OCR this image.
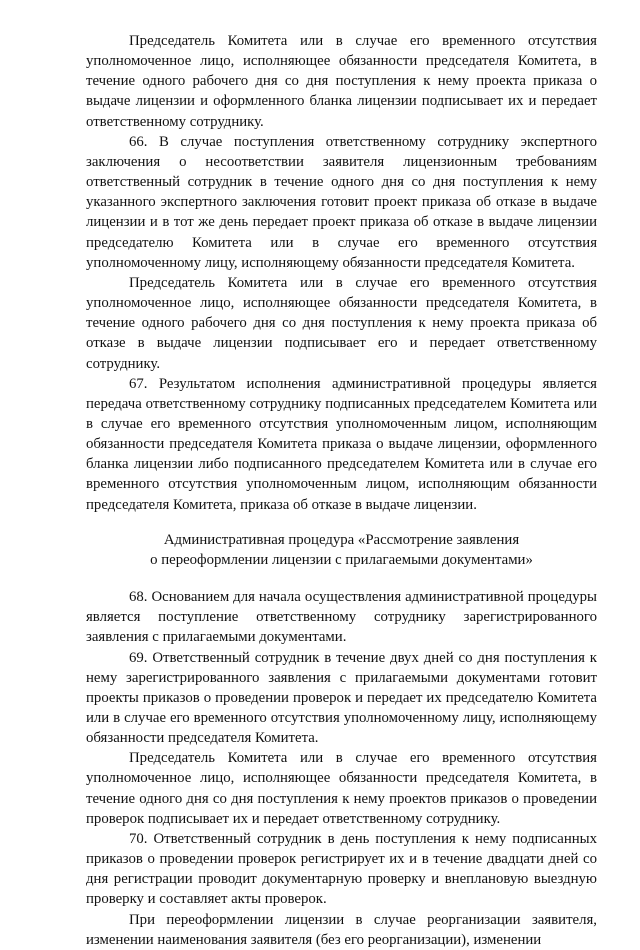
Председатель Комитета или в случае его временного отсутствия уполномоченное лицо, исполняющее обязанности председателя Комитета, в течение одного рабочего дня со дня поступления к нему проекта приказа о выдаче лицензии и оформленного бланка лицензии подписывает их и передает ответственному сотруднику.

66. В случае поступления ответственному сотруднику экспертного заключения о несоответствии заявителя лицензионным требованиям ответственный сотрудник в течение одного дня со дня поступления к нему указанного экспертного заключения готовит проект приказа об отказе в выдаче лицензии и в тот же день передает проект приказа об отказе в выдаче лицензии председателю Комитета или в случае его временного отсутствия уполномоченному лицу, исполняющему обязанности председателя Комитета.

Председатель Комитета или в случае его временного отсутствия уполномоченное лицо, исполняющее обязанности председателя Комитета, в течение одного рабочего дня со дня поступления к нему проекта приказа об отказе в выдаче лицензии подписывает его и передает ответственному сотруднику.

67. Результатом исполнения административной процедуры является передача ответственному сотруднику подписанных председателем Комитета или в случае его временного отсутствия уполномоченным лицом, исполняющим обязанности председателя Комитета приказа о выдаче лицензии, оформленного бланка лицензии либо подписанного председателем Комитета или в случае его временного отсутствия уполномоченным лицом, исполняющим обязанности председателя Комитета, приказа об отказе в выдаче лицензии.

Административная процедура «Рассмотрение заявления

о переоформлении лицензии с прилагаемыми документами»

68. Основанием для начала осуществления административной процедуры является поступление ответственному сотруднику зарегистрированного заявления с прилагаемыми документами.

69. Ответственный сотрудник в течение двух дней со дня поступления к нему зарегистрированного заявления с прилагаемыми документами готовит проекты приказов о проведении проверок и передает их председателю Комитета или в случае его временного отсутствия уполномоченному лицу, исполняющему обязанности председателя Комитета.

Председатель Комитета или в случае его временного отсутствия уполномоченное лицо, исполняющее обязанности председателя Комитета, в течение одного дня со дня поступления к нему проектов приказов о проведении проверок подписывает их и передает ответственному сотруднику.

70. Ответственный сотрудник в день поступления к нему подписанных приказов о проведении проверок регистрирует их и в течение двадцати дней со дня регистрации проводит документарную проверку и внеплановую выездную проверку и составляет акты проверок.

При переоформлении лицензии в случае реорганизации заявителя, изменении наименования заявителя (без его реорганизации), изменении
